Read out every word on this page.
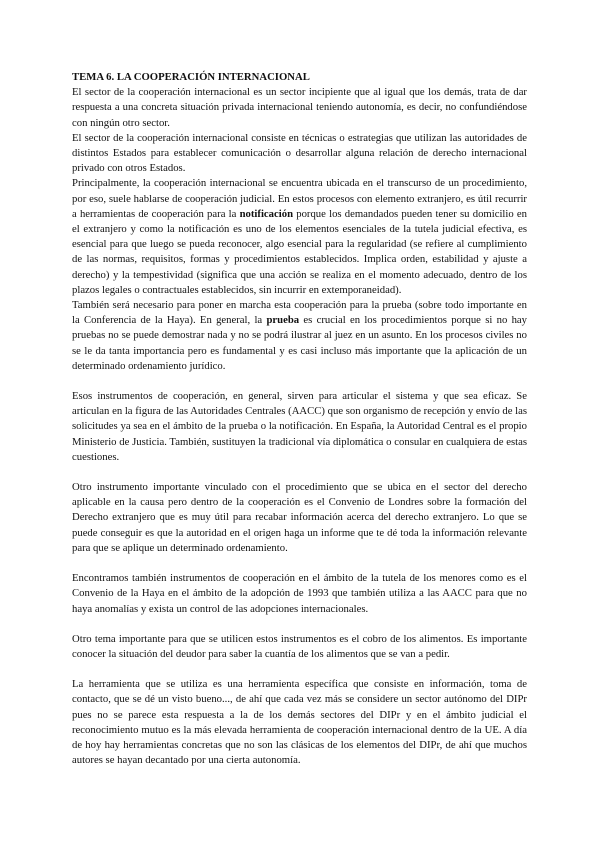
TEMA 6. LA COOPERACIÓN INTERNACIONAL

El sector de la cooperación internacional es un sector incipiente que al igual que los demás, trata de dar respuesta a una concreta situación privada internacional teniendo autonomía, es decir, no confundiéndose con ningún otro sector.

El sector de la cooperación internacional consiste en técnicas o estrategias que utilizan las autoridades de distintos Estados para establecer comunicación o desarrollar alguna relación de derecho internacional privado con otros Estados.

Principalmente, la cooperación internacional se encuentra ubicada en el transcurso de un procedimiento, por eso, suele hablarse de cooperación judicial. En estos procesos con elemento extranjero, es útil recurrir a herramientas de cooperación para la notificación porque los demandados pueden tener su domicilio en el extranjero y como la notificación es uno de los elementos esenciales de la tutela judicial efectiva, es esencial para que luego se pueda reconocer, algo esencial para la regularidad (se refiere al cumplimiento de las normas, requisitos, formas y procedimientos establecidos. Implica orden, estabilidad y ajuste a derecho) y la tempestividad (significa que una acción se realiza en el momento adecuado, dentro de los plazos legales o contractuales establecidos, sin incurrir en extemporaneidad).

También será necesario para poner en marcha esta cooperación para la prueba (sobre todo importante en la Conferencia de la Haya). En general, la prueba es crucial en los procedimientos porque si no hay pruebas no se puede demostrar nada y no se podrá ilustrar al juez en un asunto. En los procesos civiles no se le da tanta importancia pero es fundamental y es casi incluso más importante que la aplicación de un determinado ordenamiento jurídico.

Esos instrumentos de cooperación, en general, sirven para articular el sistema y que sea eficaz. Se articulan en la figura de las Autoridades Centrales (AACC) que son organismo de recepción y envío de las solicitudes ya sea en el ámbito de la prueba o la notificación. En España, la Autoridad Central es el propio Ministerio de Justicia. También, sustituyen la tradicional vía diplomática o consular en cualquiera de estas cuestiones.

Otro instrumento importante vinculado con el procedimiento que se ubica en el sector del derecho aplicable en la causa pero dentro de la cooperación es el Convenio de Londres sobre la formación del Derecho extranjero que es muy útil para recabar información acerca del derecho extranjero. Lo que se puede conseguir es que la autoridad en el origen haga un informe que te dé toda la información relevante para que se aplique un determinado ordenamiento.

Encontramos también instrumentos de cooperación en el ámbito de la tutela de los menores como es el Convenio de la Haya en el ámbito de la adopción de 1993 que también utiliza a las AACC para que no haya anomalías y exista un control de las adopciones internacionales.

Otro tema importante para que se utilicen estos instrumentos es el cobro de los alimentos. Es importante conocer la situación del deudor para saber la cuantía de los alimentos que se van a pedir.

La herramienta que se utiliza es una herramienta específica que consiste en información, toma de contacto, que se dé un visto bueno..., de ahí que cada vez más se considere un sector autónomo del DIPr pues no se parece esta respuesta a la de los demás sectores del DIPr y en el ámbito judicial el reconocimiento mutuo es la más elevada herramienta de cooperación internacional dentro de la UE. A día de hoy hay herramientas concretas que no son las clásicas de los elementos del DIPr, de ahí que muchos autores se hayan decantado por una cierta autonomía.
